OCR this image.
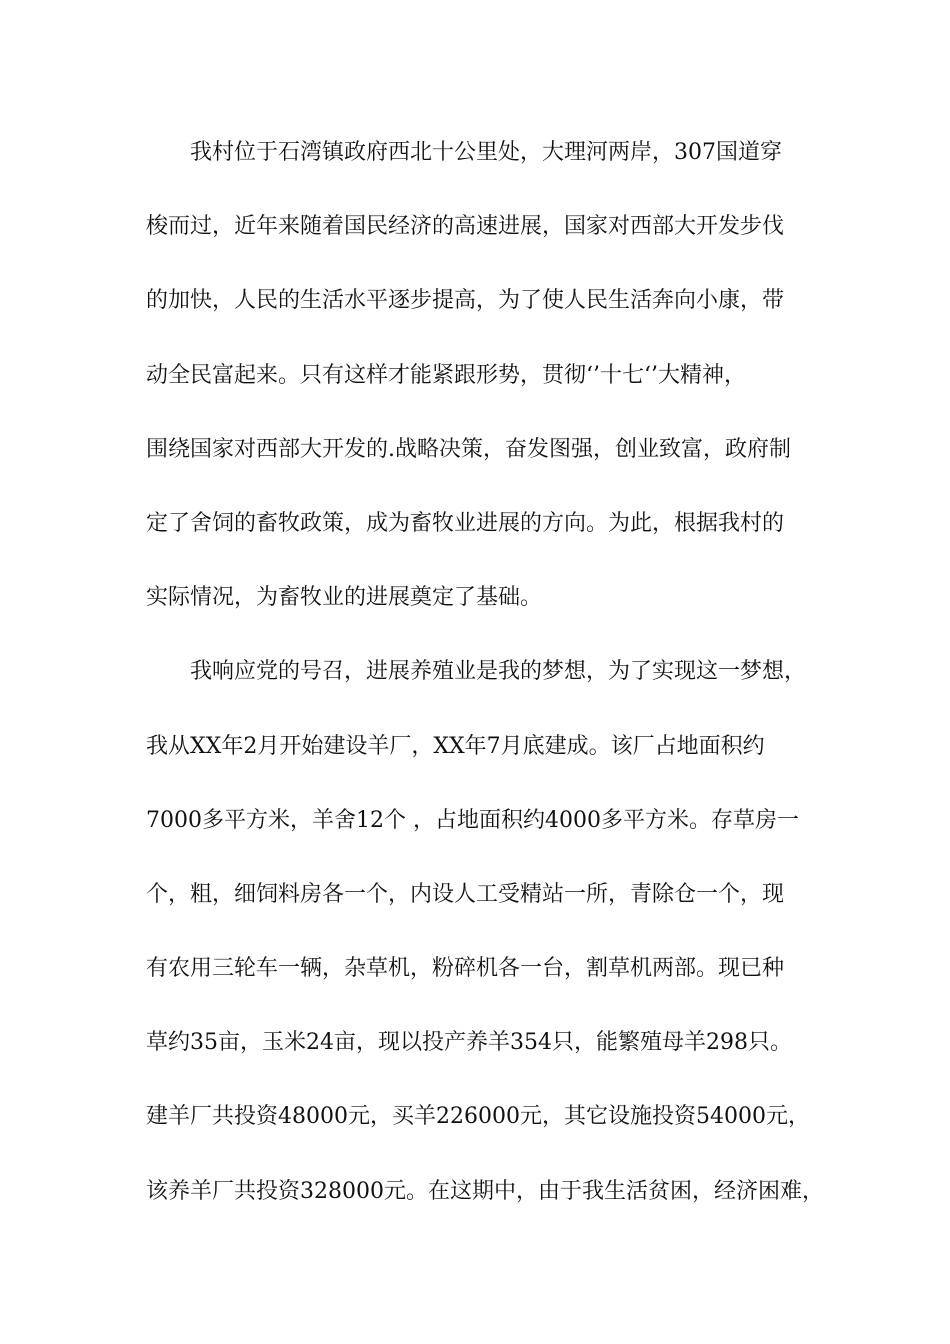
我村位于石湾镇政府西北十公里处，大理河两岸，307国道穿
梭而过，近年来随着国民经济的高速进展，国家对西部大开发步伐
的加快，人民的生活水平逐步提高，为了使人民生活奔向小康，带
动全民富起来。只有这样才能紧跟形势，贯彻‘’十七‘’大精神，
围绕国家对西部大开发的.战略决策，奋发图强，创业致富，政府制
定了舍饲的畜牧政策，成为畜牧业进展的方向。为此，根据我村的
实际情况，为畜牧业的进展奠定了基础。
我响应党的号召，进展养殖业是我的梦想，为了实现这一梦想，
我从XX年2月开始建设羊厂，XX年7月底建成。该厂占地面积约
7000多平方米，羊舍12个 ，占地面积约4000多平方米。存草房一
个，粗，细饲料房各一个，内设人工受精站一所，青除仓一个，现
有农用三轮车一辆，杂草机，粉碎机各一台，割草机两部。现已种
草约35亩，玉米24亩，现以投产养羊354只，能繁殖母羊298只。
建羊厂共投资48000元，买羊226000元，其它设施投资54000元，
该养羊厂共投资328000元。在这期中，由于我生活贫困，经济困难，
